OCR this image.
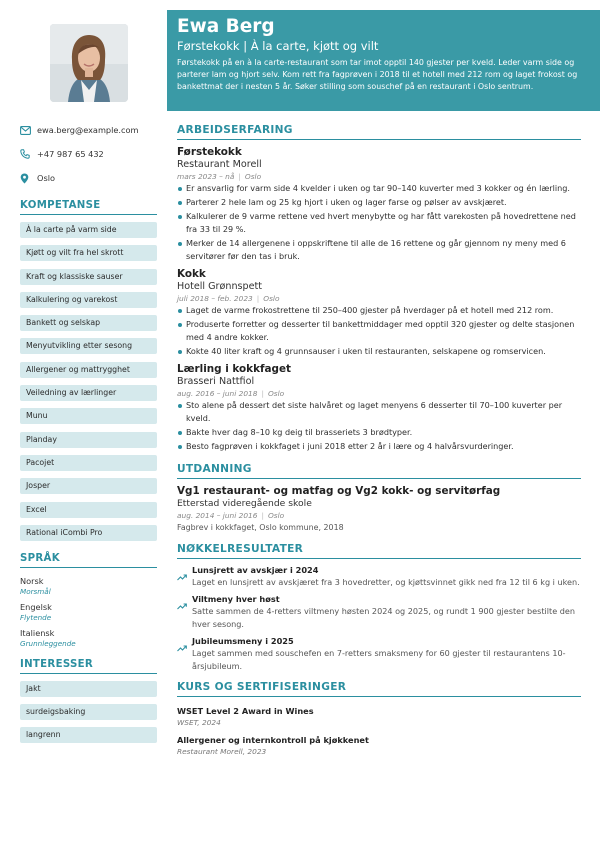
ewa.berg@example.com
+47 987 65 432
Oslo
KOMPETANSE
À la carte på varm side
Kjøtt og vilt fra hel skrott
Kraft og klassiske sauser
Kalkulering og varekost
Bankett og selskap
Menyutvikling etter sesong
Allergener og mattrygghet
Veiledning av lærlinger
Munu
Planday
Pacojet
Josper
Excel
Rational iCombi Pro
SPRÅK
Norsk
Morsmål
Engelsk
Flytende
Italiensk
Grunnleggende
INTERESSER
Jakt
surdeigsbaking
langrenn
Ewa Berg
Førstekokk | À la carte, kjøtt og vilt
Førstekokk på en à la carte-restaurant som tar imot opptil 140 gjester per kveld. Leder varm side og parterer lam og hjort selv. Kom rett fra fagprøven i 2018 til et hotell med 212 rom og laget frokost og bankettmat der i nesten 5 år. Søker stilling som souschef på en restaurant i Oslo sentrum.
ARBEIDSERFARING
Førstekokk
Restaurant Morell
mars 2023 – nå | Oslo
Er ansvarlig for varm side 4 kvelder i uken og tar 90–140 kuverter med 3 kokker og én lærling.
Parterer 2 hele lam og 25 kg hjort i uken og lager farse og pølser av avskjæret.
Kalkulerer de 9 varme rettene ved hvert menybytte og har fått varekosten på hovedrettene ned fra 33 til 29 %.
Merker de 14 allergenene i oppskriftene til alle de 16 rettene og går gjennom ny meny med 6 servitører før den tas i bruk.
Kokk
Hotell Grønnspett
juli 2018 – feb. 2023 | Oslo
Laget de varme frokostrettene til 250–400 gjester på hverdager på et hotell med 212 rom.
Produserte forretter og desserter til bankettmiddager med opptil 320 gjester og delte stasjonen med 4 andre kokker.
Kokte 40 liter kraft og 4 grunnsauser i uken til restauranten, selskapene og romservicen.
Lærling i kokkfaget
Brasseri Nattfiol
aug. 2016 – juni 2018 | Oslo
Sto alene på dessert det siste halvåret og laget menyens 6 desserter til 70–100 kuverter per kveld.
Bakte hver dag 8–10 kg deig til brasseriets 3 brødtyper.
Besto fagprøven i kokkfaget i juni 2018 etter 2 år i lære og 4 halvårsvurderinger.
UTDANNING
Vg1 restaurant- og matfag og Vg2 kokk- og servitørfag
Etterstad videregående skole
aug. 2014 – juni 2016 | Oslo
Fagbrev i kokkfaget, Oslo kommune, 2018
NØKKELRESULTATER
Lunsjrett av avskjær i 2024
Laget en lunsjrett av avskjæret fra 3 hovedretter, og kjøttsvinnet gikk ned fra 12 til 6 kg i uken.
Viltmeny hver høst
Satte sammen de 4-retters viltmeny høsten 2024 og 2025, og rundt 1 900 gjester bestilte den hver sesong.
Jubileumsmeny i 2025
Laget sammen med souschefen en 7-retters smaksmeny for 60 gjester til restaurantens 10-årsjubileum.
KURS OG SERTIFISERINGER
WSET Level 2 Award in Wines
WSET, 2024
Allergener og internkontroll på kjøkkenet
Restaurant Morell, 2023
